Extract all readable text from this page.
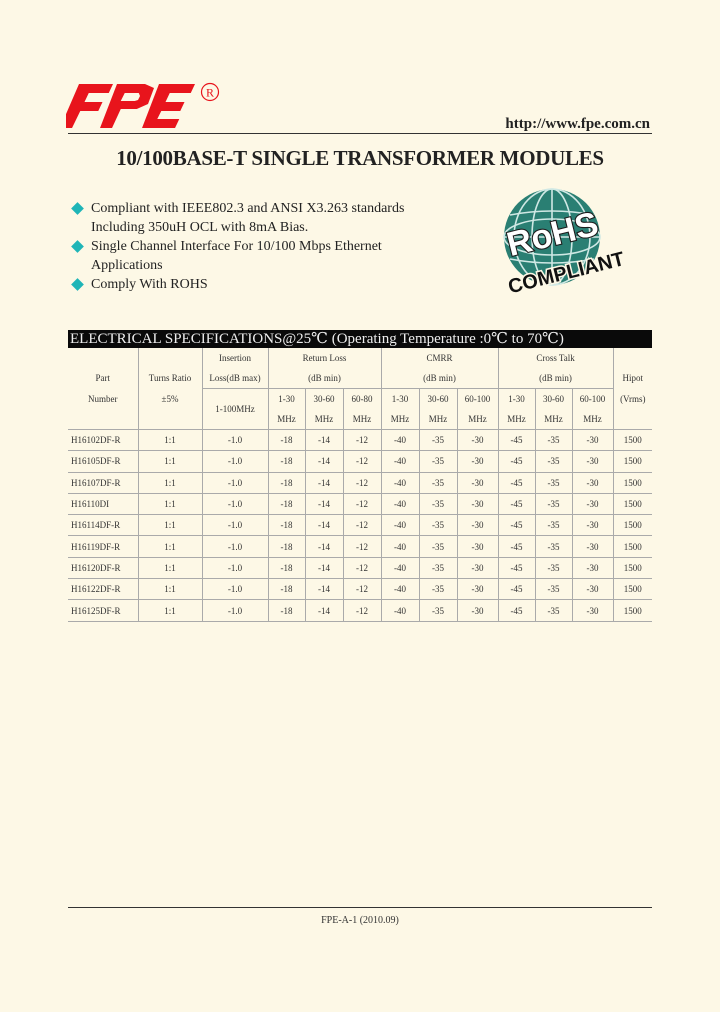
R
http://www.fpe.com.cn
10/100BASE-T SINGLE TRANSFORMER MODULES
Compliant with IEEE802.3 and ANSI X3.263 standards
Including 350uH OCL with 8mA Bias.
Single Channel Interface For 10/100 Mbps Ethernet
Applications
Comply With ROHS
RoHS
COMPLIANT
ELECTRICAL SPECIFICATIONS@25℃ (Operating Temperature :0℃ to 70℃)
		Insertion	Return Loss			CMRR			Cross Talk			
Part	Turns Ratio	Loss(dB max)	(dB min)			(dB min)			(dB min)			Hipot
Number	±5%	1-100MHz	1-30	30-60	60-80	1-30	30-60	60-100	1-30	30-60	60-100	(Vrms)
			MHz	MHz	MHz	MHz	MHz	MHz	MHz	MHz	MHz	
H16102DF-R	1:1	-1.0	-18	-14	-12	-40	-35	-30	-45	-35	-30	1500
H16105DF-R	1:1	-1.0	-18	-14	-12	-40	-35	-30	-45	-35	-30	1500
H16107DF-R	1:1	-1.0	-18	-14	-12	-40	-35	-30	-45	-35	-30	1500
H16110DI	1:1	-1.0	-18	-14	-12	-40	-35	-30	-45	-35	-30	1500
H16114DF-R	1:1	-1.0	-18	-14	-12	-40	-35	-30	-45	-35	-30	1500
H16119DF-R	1:1	-1.0	-18	-14	-12	-40	-35	-30	-45	-35	-30	1500
H16120DF-R	1:1	-1.0	-18	-14	-12	-40	-35	-30	-45	-35	-30	1500
H16122DF-R	1:1	-1.0	-18	-14	-12	-40	-35	-30	-45	-35	-30	1500
H16125DF-R	1:1	-1.0	-18	-14	-12	-40	-35	-30	-45	-35	-30	1500
FPE-A-1 (2010.09)
